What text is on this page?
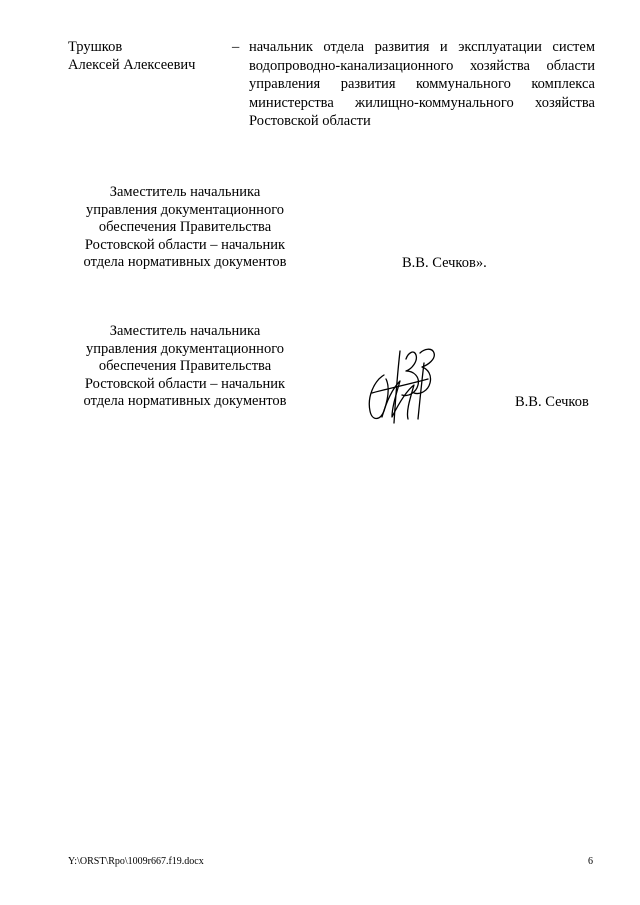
Трушков
Алексей Алексеевич
– начальник отдела развития и эксплуатации систем водопроводно-канализационного хозяйства области управления развития коммунального комплекса министерства жилищно-коммунального хозяйства Ростовской области
Заместитель начальника
управления документационного
обеспечения Правительства
Ростовской области – начальник
отдела нормативных документов	В.В. Сечков».
Заместитель начальника
управления документационного
обеспечения Правительства
Ростовской области – начальник
отдела нормативных документов	В.В. Сечков
Y:\ORST\Rpo\1009r667.f19.docx	6
